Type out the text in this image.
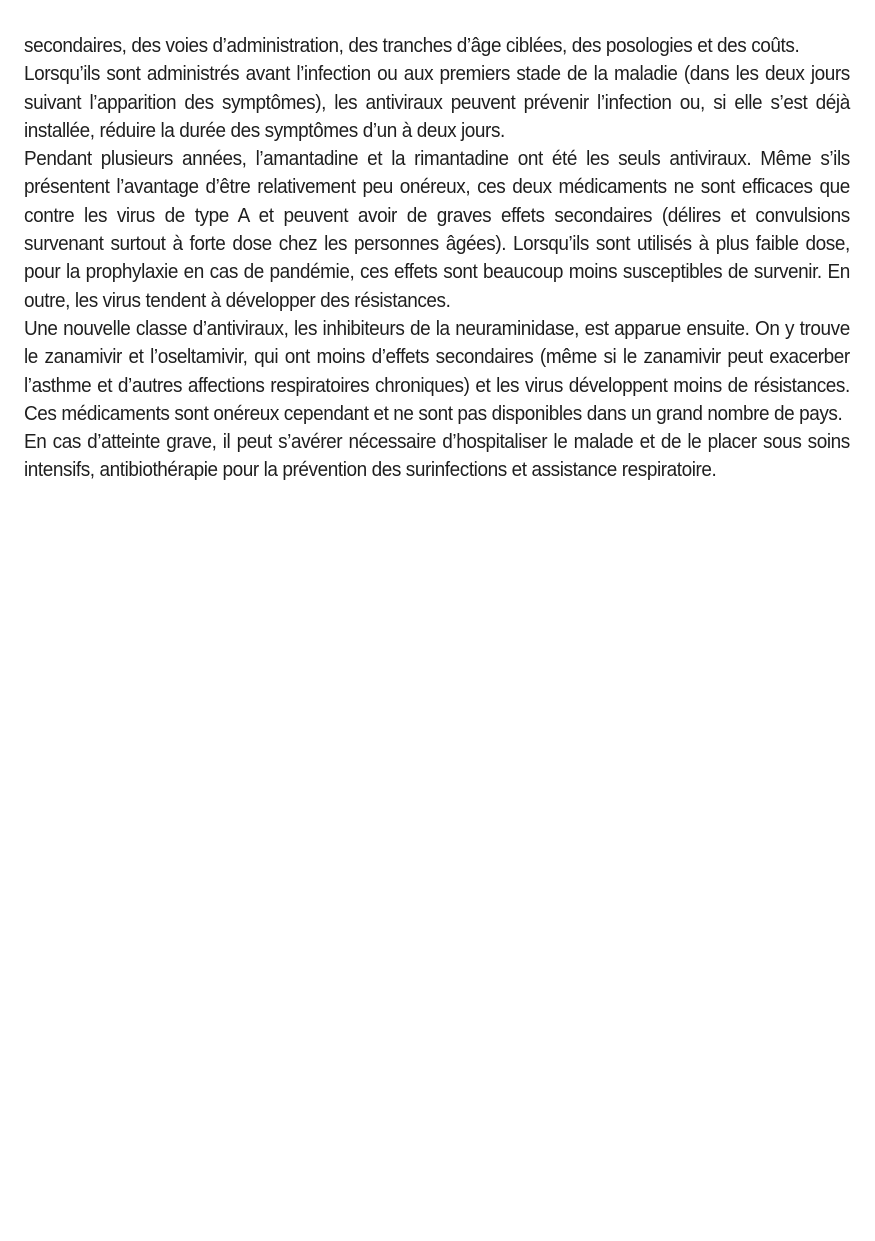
secondaires, des voies d’administration, des tranches d’âge ciblées, des posologies et des coûts.

Lorsqu’ils sont administrés avant l’infection ou aux premiers stade de la maladie (dans les deux jours suivant l’apparition des symptômes), les antiviraux peuvent prévenir l’infection ou, si elle s’est déjà installée, réduire la durée des symptômes d’un à deux jours.

Pendant plusieurs années, l’amantadine et la rimantadine ont été les seuls antiviraux. Même s’ils présentent l’avantage d’être relativement peu onéreux, ces deux médicaments ne sont efficaces que contre les virus de type A et peuvent avoir de graves effets secondaires (délires et convulsions survenant surtout à forte dose chez les personnes âgées). Lorsqu’ils sont utilisés à plus faible dose, pour la prophylaxie en cas de pandémie, ces effets sont beaucoup moins susceptibles de survenir. En outre, les virus tendent à développer des résistances.

Une nouvelle classe d’antiviraux, les inhibiteurs de la neuraminidase, est apparue ensuite. On y trouve le zanamivir et l’oseltamivir, qui ont moins d’effets secondaires (même si le zanamivir peut exacerber l’asthme et d’autres affections respiratoires chroniques) et les virus développent moins de résistances. Ces médicaments sont onéreux cependant et ne sont pas disponibles dans un grand nombre de pays.

En cas d’atteinte grave, il peut s’avérer nécessaire d’hospitaliser le malade et de le placer sous soins intensifs, antibiothérapie pour la prévention des surinfections et assistance respiratoire.
